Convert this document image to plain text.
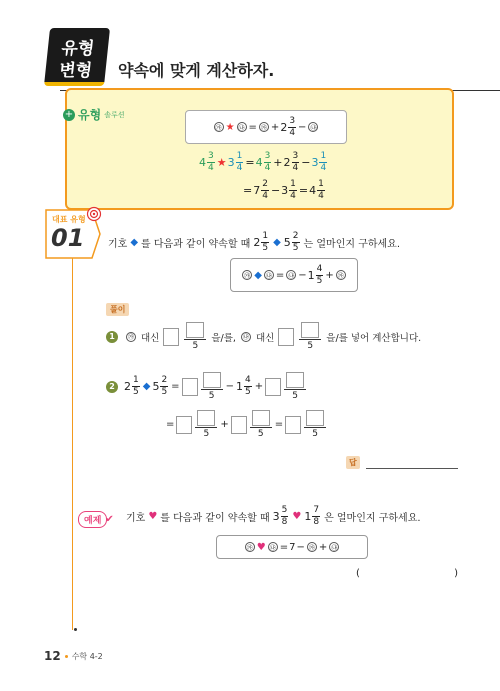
유형
변형	약속에 맞게 계산하자.
+ 유형 솔루션
㉮ ★ ㉯ = ㉮ + $2 \frac{3}{4}$ − ㉯
$4 \frac{3}{4}$ ★ $3 \frac{1}{4} = 4 \frac{3}{4} + 2 \frac{3}{4} - 3 \frac{1}{4}$
= $7 \frac{2}{4} - 3 \frac{1}{4} = 4 \frac{1}{4}$
대표 유형
01 기호 ◆ 를 다음과 같이 약속할 때 $2 \frac{1}{5}$ ◆ $5 \frac{2}{5}$ 는 얼마인지 구하세요.
㉮ ◆ ㉯ = ㉯ − $1 \frac{4}{5}$ + ㉮
풀이
1	㉮ 대신
5
을/를,	㉯ 대신
5
을/를 넣어 계산합니다.
2 $2 \frac{1}{5}$ ◆ $5 \frac{2}{5}$ =
5
− $1 \frac{4}{5}$ +
5
=
5
+
5
=
5
답
예제 ✔ 기호 ♥ 를 다음과 같이 약속할 때 $3 \frac{5}{8}$ ♥ $1 \frac{7}{8}$ 은 얼마인지 구하세요.
㉮ ♥ ㉯ = 7 − ㉮ + ㉯
(	)
12 수학 4-2
